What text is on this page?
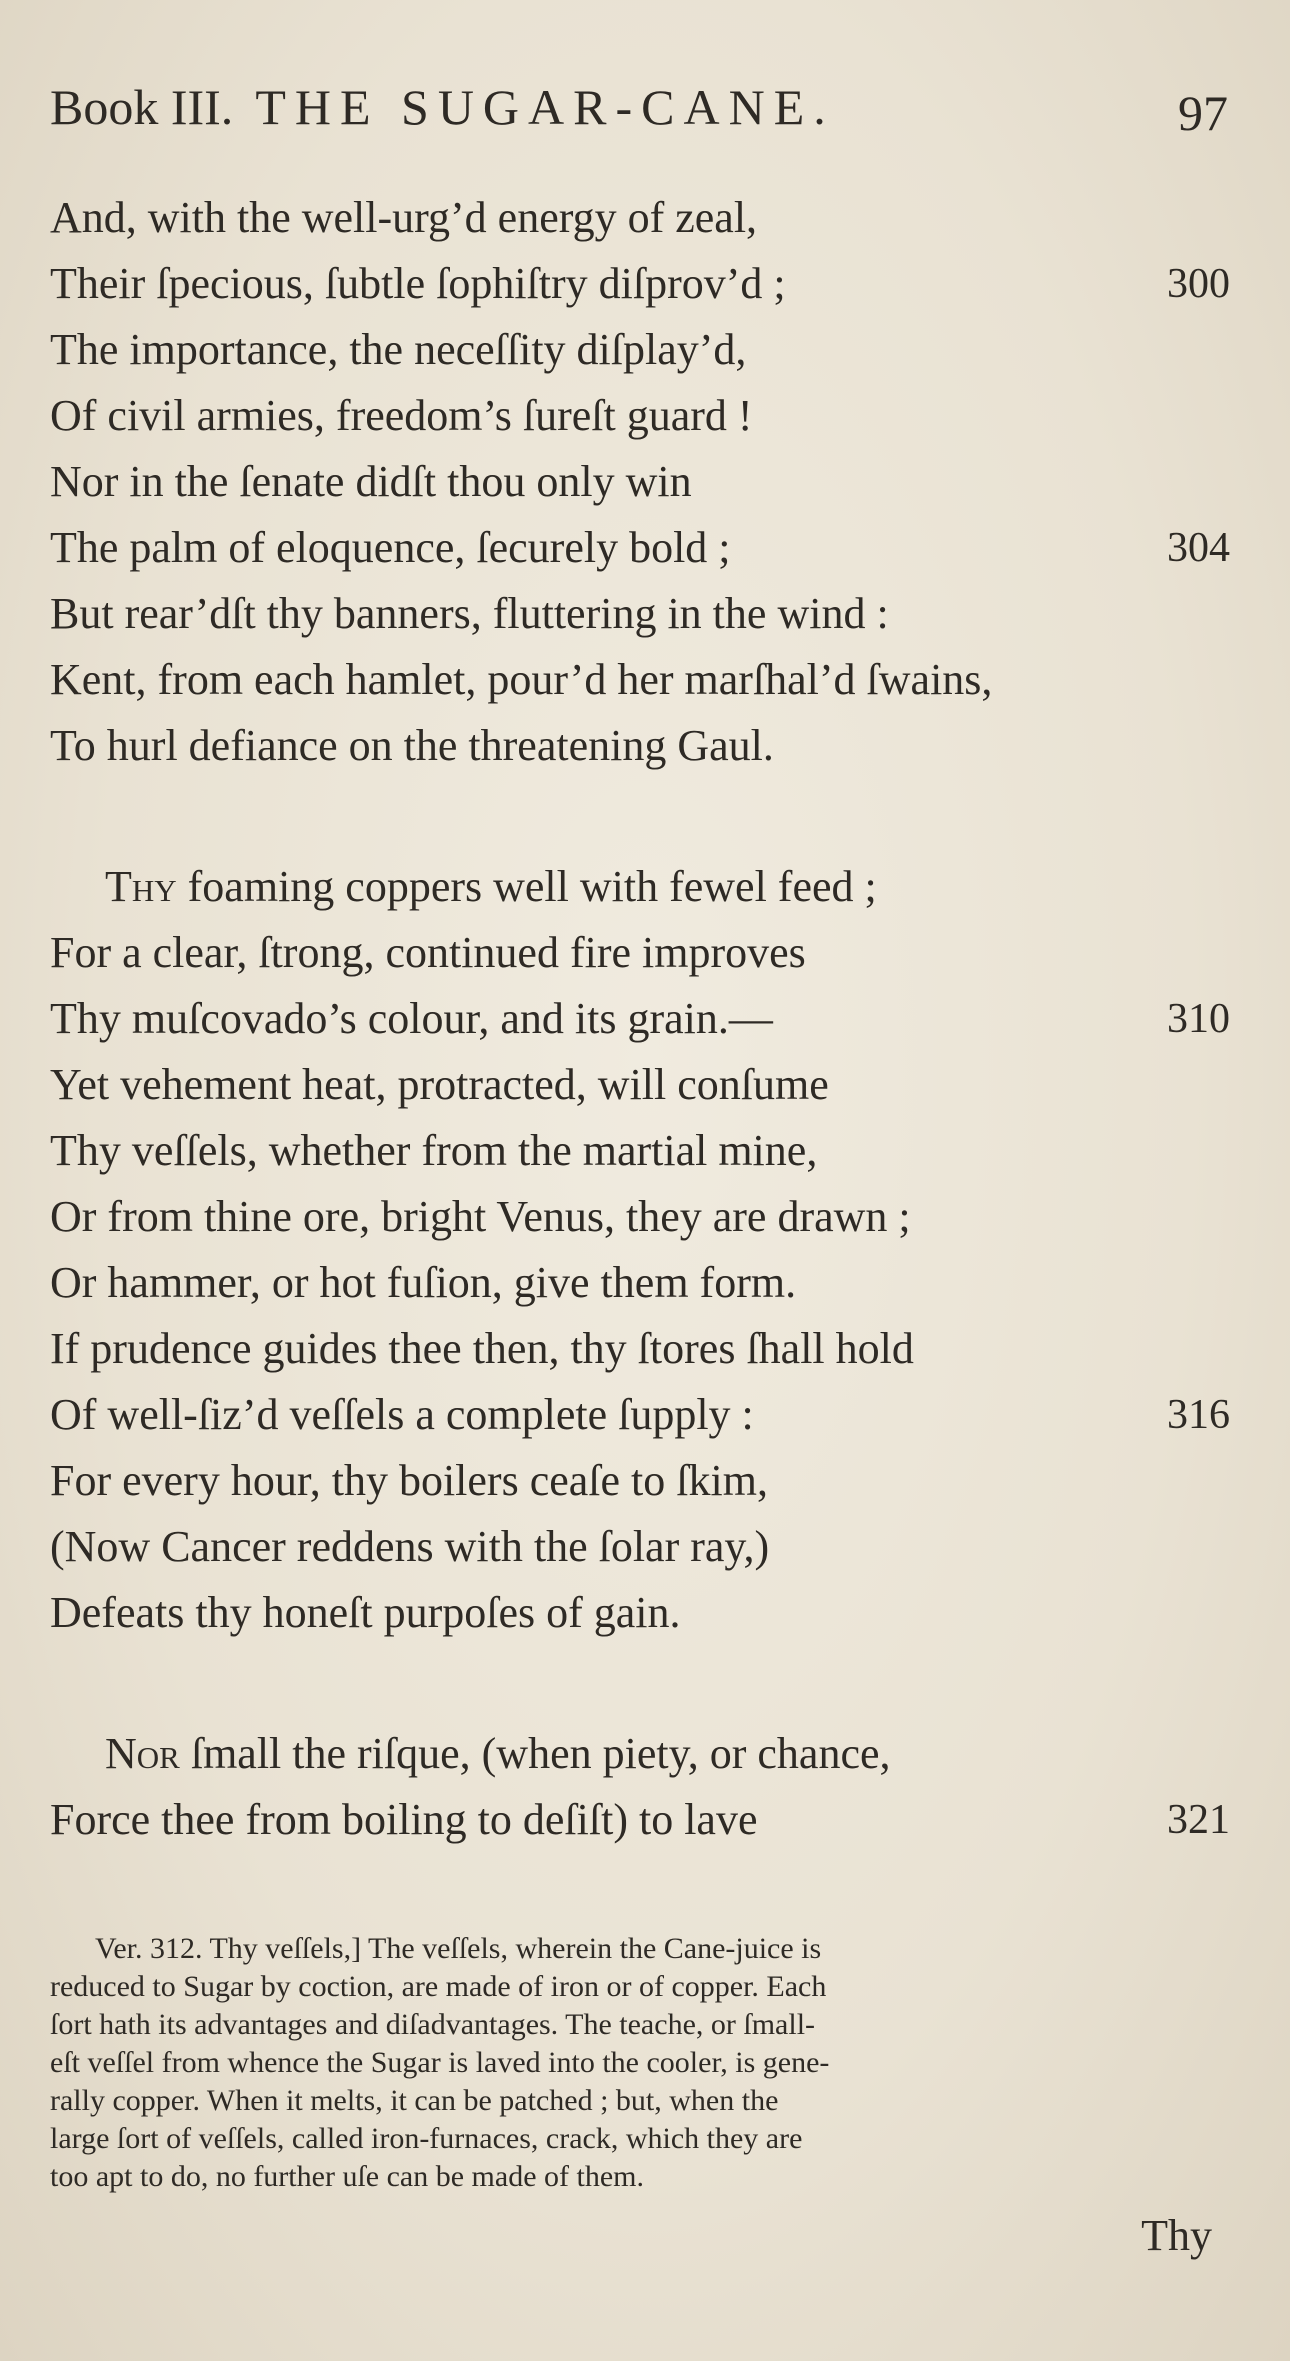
Book III. THE SUGAR-CANE.	97
And, with the well-urg’d energy of zeal,
Their ſpecious, ſubtle ſophiſtry diſprov’d ;	300
The importance, the neceſſity diſplay’d,
Of civil armies, freedom’s ſureſt guard !
Nor in the ſenate didſt thou only win
The palm of eloquence, ſecurely bold ;	304
But rear’dſt thy banners, fluttering in the wind :
Kent, from each hamlet, pour’d her marſhal’d ſwains,
To hurl defiance on the threatening Gaul.
Thy foaming coppers well with fewel feed ;
For a clear, ſtrong, continued fire improves
Thy muſcovado’s colour, and its grain.—	310
Yet vehement heat, protracted, will conſume
Thy veſſels, whether from the martial mine,
Or from thine ore, bright Venus, they are drawn ;
Or hammer, or hot fuſion, give them form.
If prudence guides thee then, thy ſtores ſhall hold
Of well-ſiz’d veſſels a complete ſupply :	316
For every hour, thy boilers ceaſe to ſkim,
(Now Cancer reddens with the ſolar ray,)
Defeats thy honeſt purpoſes of gain.
Nor ſmall the riſque, (when piety, or chance,
Force thee from boiling to deſiſt) to lave	321
Ver. 312. Thy veſſels,] The veſſels, wherein the Cane-juice is
reduced to Sugar by coction, are made of iron or of copper. Each
ſort hath its advantages and diſadvantages. The teache, or ſmall-
eſt veſſel from whence the Sugar is laved into the cooler, is gene-
rally copper. When it melts, it can be patched ; but, when the
large ſort of veſſels, called iron-furnaces, crack, which they are
too apt to do, no further uſe can be made of them.
Thy
